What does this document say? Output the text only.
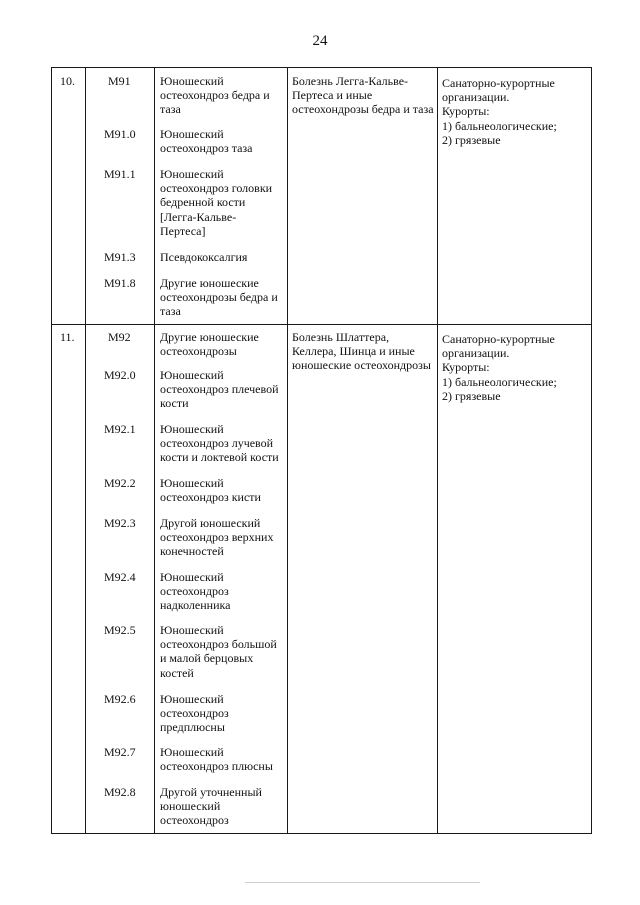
24
10.	M91 Юношеский
остеохондроз бедра и
таза
M91.0 Юношеский
остеохондроз таза
M91.1 Юношеский
остеохондроз головки
бедренной кости
[Легга-Кальве-
Пертеса]
M91.3 Псевдококсалгия
M91.8 Другие юношеские
остеохондрозы бедра и
таза
Болезнь Легга-Кальве-
Пертеса и иные
остеохондрозы бедра и таза
Санаторно-курортные
организации.
Курорты:
1) бальнеологические;
2) грязевые
11.	M92 Другие юношеские
остеохондрозы
M92.0 Юношеский
остеохондроз плечевой
кости
M92.1 Юношеский
остеохондроз лучевой
кости и локтевой кости
M92.2 Юношеский
остеохондроз кисти
M92.3 Другой юношеский
остеохондроз верхних
конечностей
M92.4 Юношеский
остеохондроз
надколенника
M92.5 Юношеский
остеохондроз большой
и малой берцовых
костей
M92.6 Юношеский
остеохондроз
предплюсны
M92.7 Юношеский
остеохондроз плюсны
M92.8 Другой уточненный
юношеский
остеохондроз
Болезнь Шлаттера,
Келлера, Шинца и иные
юношеские остеохондрозы
Санаторно-курортные
организации.
Курорты:
1) бальнеологические;
2) грязевые
